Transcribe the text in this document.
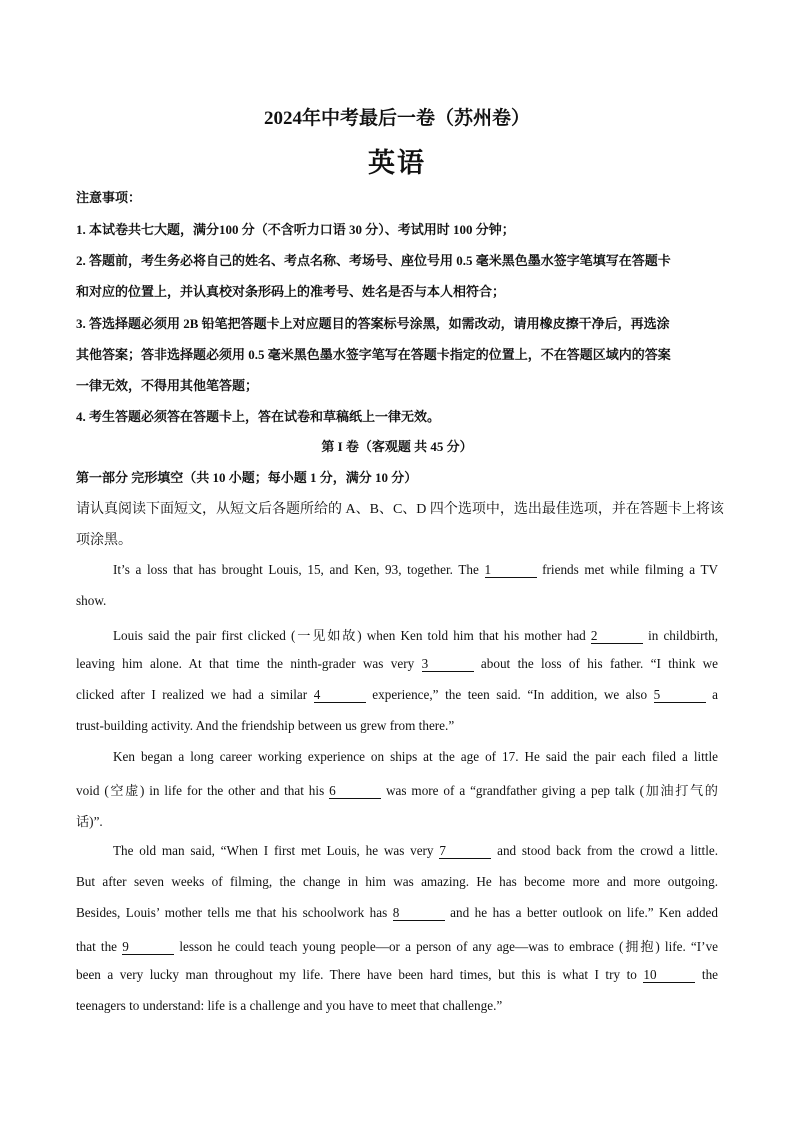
2024年中考最后一卷（苏州卷）
英语
注意事项：
1. 本试卷共七大题，满分100 分（不含听力口语 30 分）、考试用时 100 分钟；
2. 答题前，考生务必将自己的姓名、考点名称、考场号、座位号用 0.5 毫米黑色墨水签字笔填写在答题卡
和对应的位置上，并认真校对条形码上的准考号、姓名是否与本人相符合；
3. 答选择题必须用 2B 铅笔把答题卡上对应题目的答案标号涂黑，如需改动，请用橡皮擦干净后，再选涂
其他答案；答非选择题必须用 0.5 毫米黑色墨水签字笔写在答题卡指定的位置上，不在答题区域内的答案
一律无效，不得用其他笔答题；
4. 考生答题必须答在答题卡上，答在试卷和草稿纸上一律无效。
第 I 卷（客观题 共 45 分）
第一部分 完形填空（共 10 小题；每小题 1 分，满分 10 分）
请认真阅读下面短文，从短文后各题所给的 A、B、C、D 四个选项中，选出最佳选项，并在答题卡上将该
项涂黑。
It’s a loss that has brought Louis, 15, and Ken, 93, together. The 1	friends met while filming a TV
show.
Louis said the pair first clicked (一见如故) when Ken told him that his mother had 2	in childbirth,
leaving him alone. At that time the ninth-grader was very 3	about the loss of his father. “I think we
clicked after I realized we had a similar 4	experience,” the teen said. “In addition, we also 5	a
trust-building activity. And the friendship between us grew from there.”
Ken began a long career working experience on ships at the age of 17. He said the pair each filed a little
void (空虚) in life for the other and that his 6	was more of a “grandfather giving a pep talk (加油打气的
话)”.
The old man said, “When I first met Louis, he was very 7	and stood back from the crowd a little.
But after seven weeks of filming, the change in him was amazing. He has become more and more outgoing.
Besides, Louis’ mother tells me that his schoolwork has 8	and he has a better outlook on life.” Ken added
that the 9	lesson he could teach young people—or a person of any age—was to embrace (拥抱) life. “I’ve
been a very lucky man throughout my life. There have been hard times, but this is what I try to 10	the
teenagers to understand: life is a challenge and you have to meet that challenge.”
